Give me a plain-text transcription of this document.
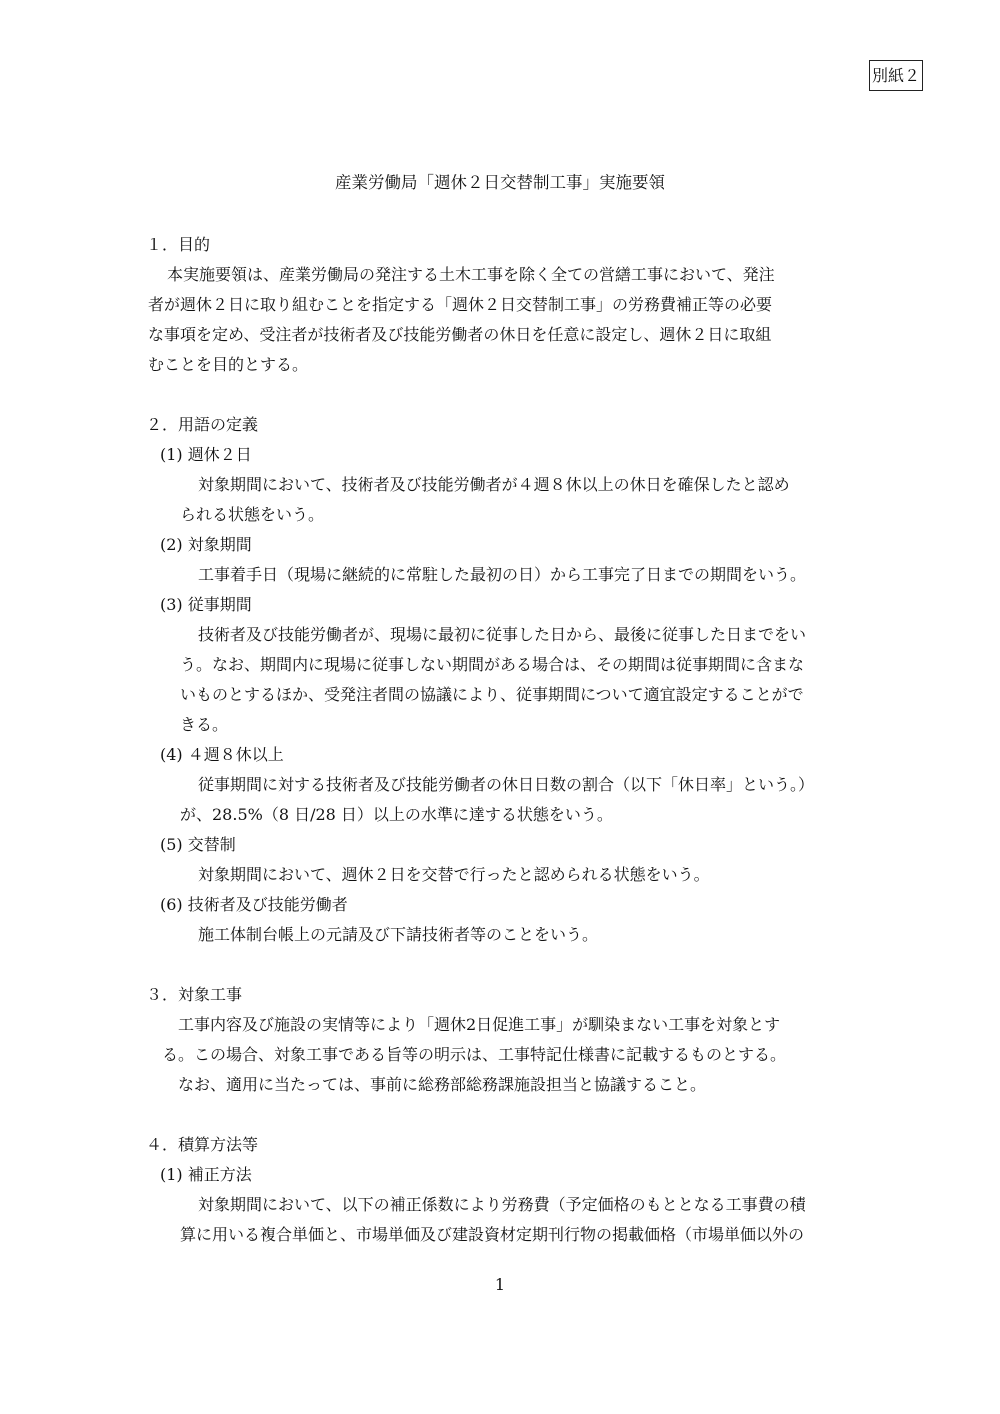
別紙２
産業労働局「週休２日交替制工事」実施要領
１．目的
本実施要領は、産業労働局の発注する土木工事を除く全ての営繕工事において、発注
者が週休２日に取り組むことを指定する「週休２日交替制工事」の労務費補正等の必要
な事項を定め、受注者が技術者及び技能労働者の休日を任意に設定し、週休２日に取組
むことを目的とする。
２．用語の定義
(1) 週休２日
対象期間において、技術者及び技能労働者が４週８休以上の休日を確保したと認め
られる状態をいう。
(2) 対象期間
工事着手日（現場に継続的に常駐した最初の日）から工事完了日までの期間をいう。
(3) 従事期間
技術者及び技能労働者が、現場に最初に従事した日から、最後に従事した日までをい
う。なお、期間内に現場に従事しない期間がある場合は、その期間は従事期間に含まな
いものとするほか、受発注者間の協議により、従事期間について適宜設定することがで
きる。
(4) ４週８休以上
従事期間に対する技術者及び技能労働者の休日日数の割合（以下「休日率」という。）
が、28.5%（8 日/28 日）以上の水準に達する状態をいう。
(5) 交替制
対象期間において、週休２日を交替で行ったと認められる状態をいう。
(6) 技術者及び技能労働者
施工体制台帳上の元請及び下請技術者等のことをいう。
３．対象工事
工事内容及び施設の実情等により「週休2日促進工事」が馴染まない工事を対象とす
る。この場合、対象工事である旨等の明示は、工事特記仕様書に記載するものとする。
なお、適用に当たっては、事前に総務部総務課施設担当と協議すること。
４．積算方法等
(1) 補正方法
対象期間において、以下の補正係数により労務費（予定価格のもととなる工事費の積
算に用いる複合単価と、市場単価及び建設資材定期刊行物の掲載価格（市場単価以外の
1
